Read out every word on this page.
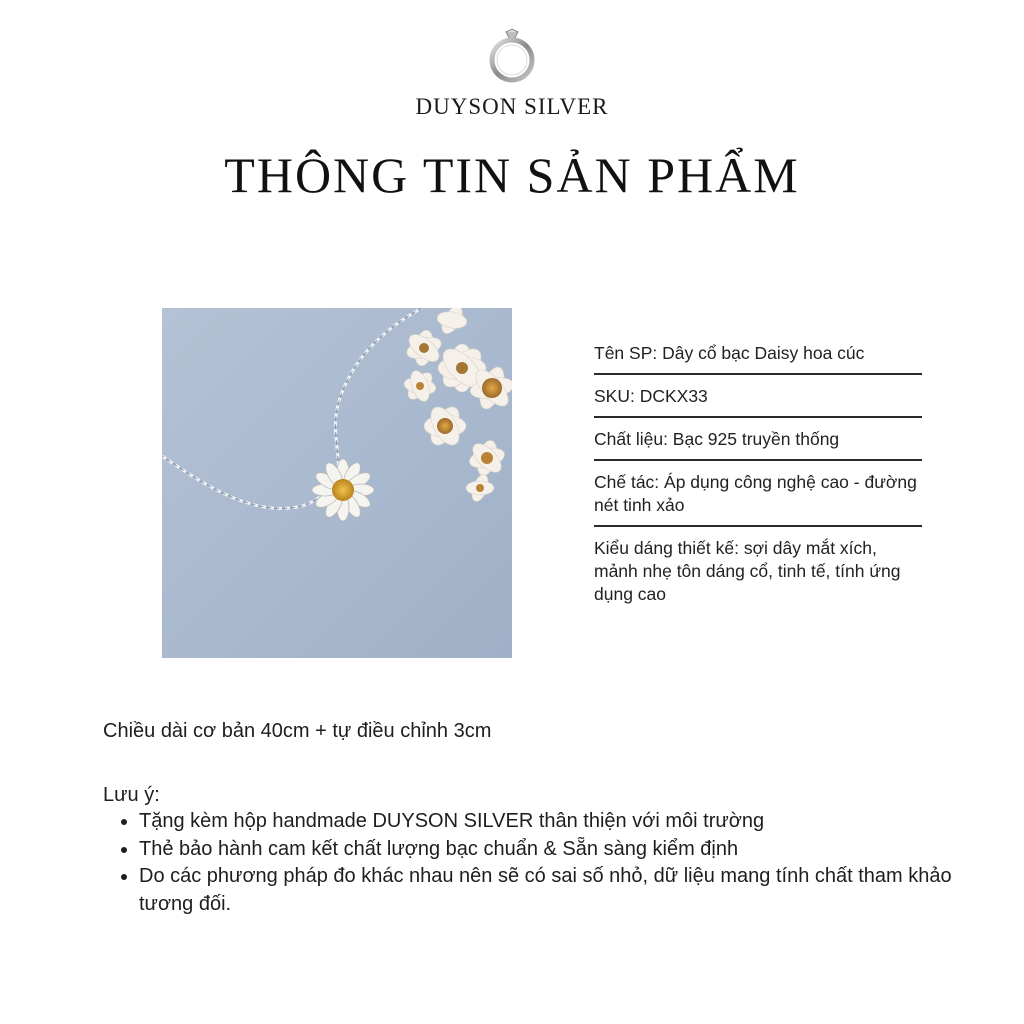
DUYSON SILVER
THÔNG TIN SẢN PHẨM
Tên SP: Dây cổ bạc Daisy hoa cúc
SKU: DCKX33
Chất liệu: Bạc 925 truyền thống
Chế tác: Áp dụng công nghệ cao - đường nét tinh xảo
Kiểu dáng thiết kế: sợi dây mắt xích, mảnh nhẹ tôn dáng cổ, tinh tế, tính ứng dụng cao
Chiều dài cơ bản 40cm + tự điều chỉnh 3cm
Lưu ý:
• Tặng kèm hộp handmade DUYSON SILVER thân thiện với môi trường
• Thẻ bảo hành cam kết chất lượng bạc chuẩn & Sẵn sàng kiểm định
• Do các phương pháp đo khác nhau nên sẽ có sai số nhỏ, dữ liệu mang tính chất tham khảo tương đối.
